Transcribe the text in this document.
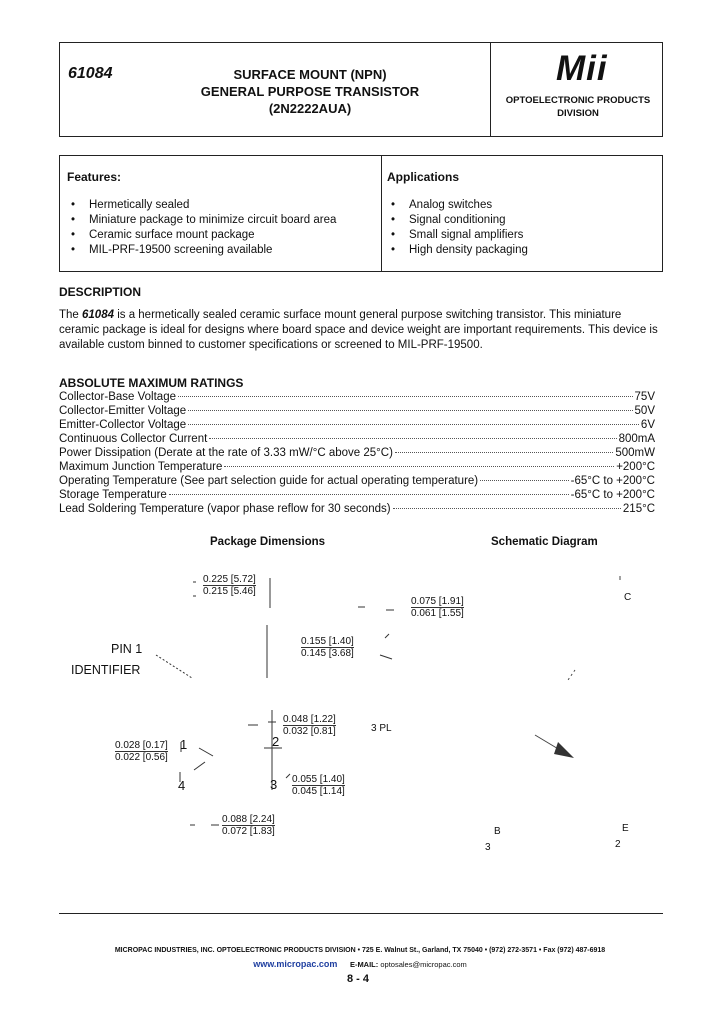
61084	SURFACE MOUNT (NPN)
GENERAL PURPOSE TRANSISTOR
(2N2222AUA)
Mii
OPTOELECTRONIC PRODUCTS
DIVISION
Features:
• Hermetically sealed
• Miniature package to minimize circuit board area
• Ceramic surface mount package
• MIL-PRF-19500 screening available
Applications
• Analog switches
• Signal conditioning
• Small signal amplifiers
• High density packaging
DESCRIPTION
The 61084 is a hermetically sealed ceramic surface mount general purpose switching transistor. This miniature ceramic package is ideal for designs where board space and device weight are important requirements. This device is available custom binned to customer specifications or screened to MIL-PRF-19500.
ABSOLUTE MAXIMUM RATINGS
Collector-Base Voltage	75V
Collector-Emitter Voltage	50V
Emitter-Collector Voltage	6V
Continuous Collector Current	800mA
Power Dissipation (Derate at the rate of 3.33 mW/°C above 25°C)	500mW
Maximum Junction Temperature	+200°C
Operating Temperature (See part selection guide for actual operating temperature)	-65°C to +200°C
Storage Temperature	-65°C to +200°C
Lead Soldering Temperature (vapor phase reflow for 30 seconds)	215°C
Package Dimensions
0.225 [5.72]
0.215 [5.46]
0.075 [1.91]
0.061 [1.55]
0.155 [1.40]
0.145 [3.68]
PIN 1
IDENTIFIER
0.048 [1.22]
0.032 [0.81]	3 PL
0.028 [0.17]
0.022 [0.56]
0.055 [1.40]
0.045 [1.14]
0.088 [2.24]
0.072 [1.83]
1	2
3
4
Schematic Diagram
C
B
3
E
2
MICROPAC INDUSTRIES, INC. OPTOELECTRONIC PRODUCTS DIVISION • 725 E. Walnut St., Garland, TX 75040 • (972) 272-3571 • Fax (972) 487-6918
www.micropac.com E-MAIL: optosales@micropac.com
8 - 4
